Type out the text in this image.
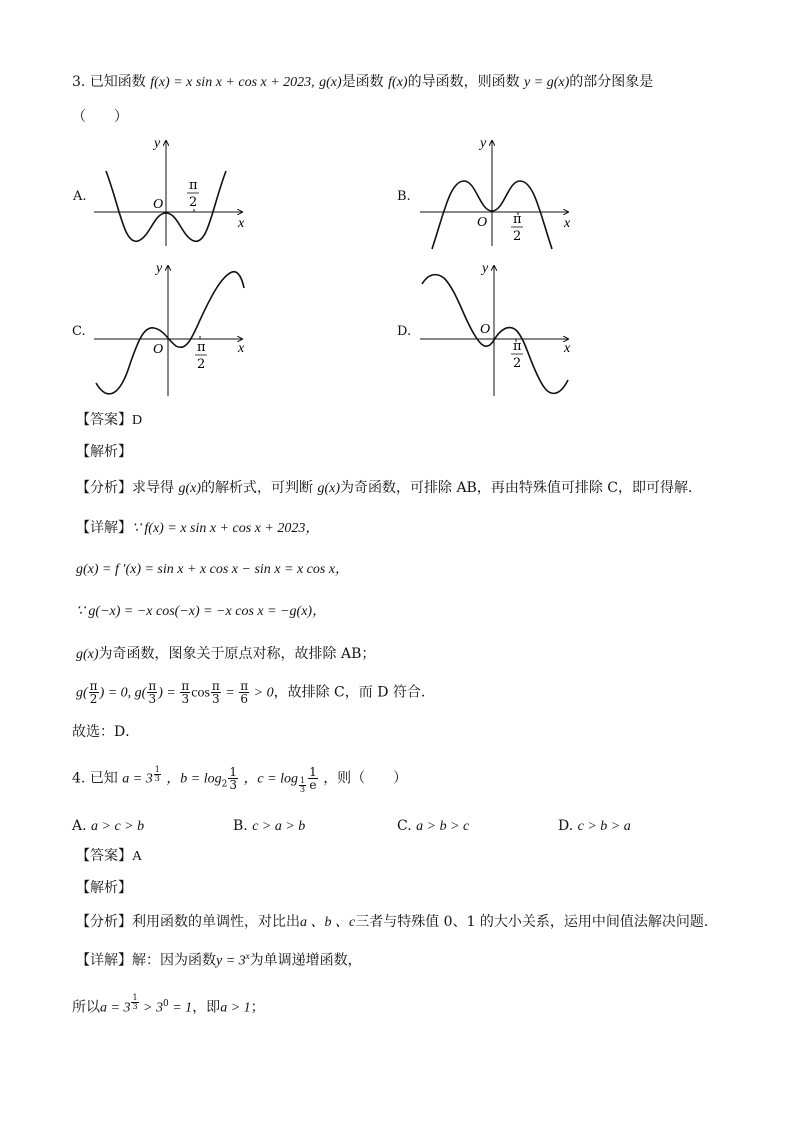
3. 已知函数 f(x) = x sin x + cos x + 2023, g(x)是函数 f(x)的导函数，则函数 y = g(x)的部分图象是
（　　）
A.	B.
C.	D.
y
x
O
π
2
y
x
O π
2
y
x
O	π
2
y
x
O
π
2
【答案】D
【解析】
【分析】求导得 g(x)的解析式，可判断 g(x)为奇函数，可排除 AB，再由特殊值可排除 C，即可得解．
【详解】∵ f(x) = x sin x + cos x + 2023，
g(x) = f ′(x) = sin x + x cos x − sin x = x cos x，
∵ g(−x) = −x cos(−x) = −x cos x = −g(x)，
g(x)为奇函数，图象关于原点对称，故排除 AB；
$g( \frac{\pi}{2}$ ) = 0, $g( \frac{\pi}{3}$ ) = $\frac{\pi}{3}$ $\cos \frac{\pi}{3} = \frac{\pi}{6} > 0$，故排除 C，而 D 符合.
故选：D．
4. 已知 $a = 3 \frac{1}{3}$ ，$b = \log_2 \frac{1}{3}$ ，$c = \log \frac{1}{3} \frac{1}{e}$ ，则（　　）
A. a > c > b	B. c > a > b	C. a > b > c	D. c > b > a
【答案】A
【解析】
【分析】利用函数的单调性，对比出a 、b 、c三者与特殊值 0、1 的大小关系，运用中间值法解决问题.
【详解】解：因为函数$y = 3^x$为单调递增函数，
所以$a = 3 \frac{1}{3} > 3^0 = 1$，即a > 1；
